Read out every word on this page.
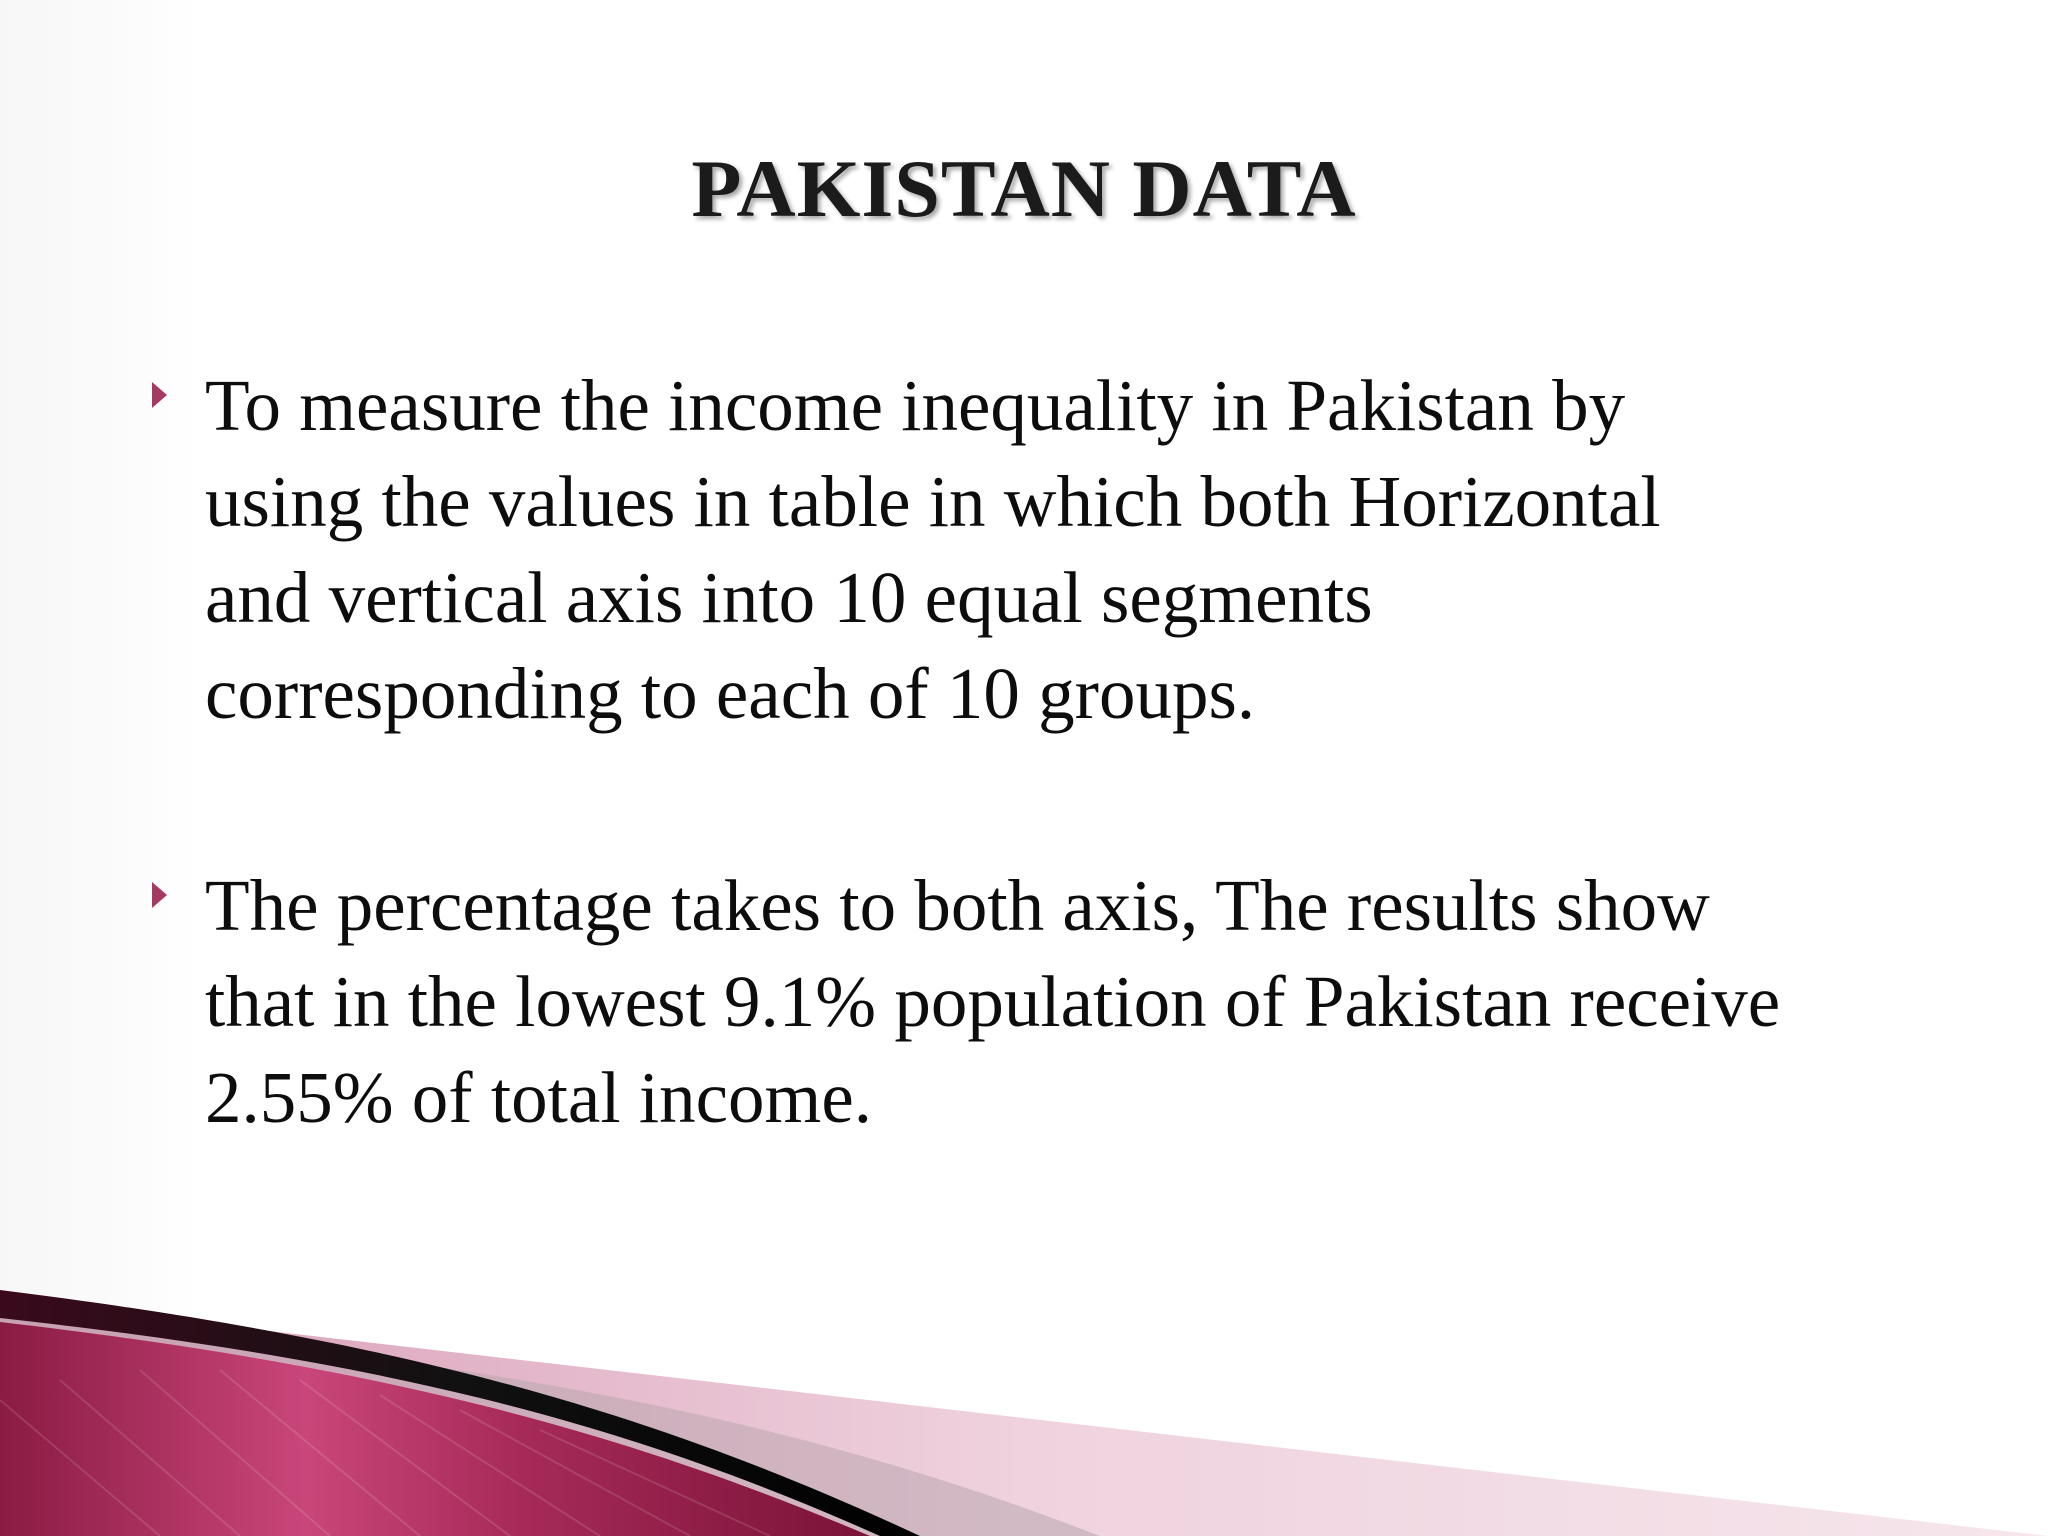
PAKISTAN DATA

To measure the income inequality in Pakistan by
using the values in table in which both Horizontal
and vertical axis into 10 equal segments
corresponding to each of 10 groups.

The percentage takes to both axis, The results show
that in the lowest 9.1% population of Pakistan receive
2.55% of total income.
